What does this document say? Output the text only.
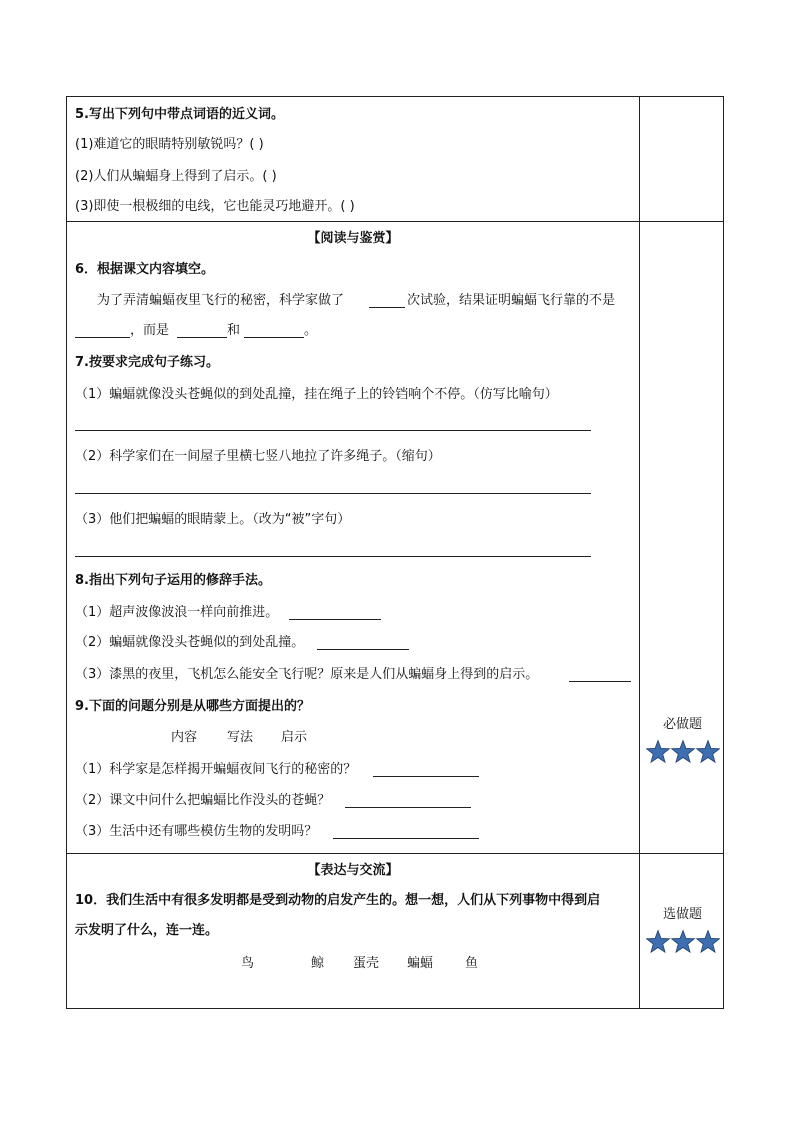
5.写出下列句中带点词语的近义词。
(1)难道它的眼睛特别敏锐吗？( )
(2)人们从蝙蝠身上得到了启示。( )
(3)即使一根极细的电线，它也能灵巧地避开。( )
【阅读与鉴赏】
6．根据课文内容填空。
为了弄清蝙蝠夜里飞行的秘密，科学家做了	次试验，结果证明蝙蝠飞行靠的不是
，而是	和	。
7.按要求完成句子练习。
（1）蝙蝠就像没头苍蝇似的到处乱撞，挂在绳子上的铃铛响个不停。（仿写比喻句）
（2）科学家们在一间屋子里横七竖八地拉了许多绳子。（缩句）
（3）他们把蝙蝠的眼睛蒙上。（改为“被”字句）
8.指出下列句子运用的修辞手法。
（1）超声波像波浪一样向前推进。
（2）蝙蝠就像没头苍蝇似的到处乱撞。
（3）漆黑的夜里，飞机怎么能安全飞行呢？原来是人们从蝙蝠身上得到的启示。
9.下面的问题分别是从哪些方面提出的？
内容 写法 启示
（1）科学家是怎样揭开蝙蝠夜间飞行的秘密的？
（2）课文中问什么把蝙蝠比作没头的苍蝇？
（3）生活中还有哪些模仿生物的发明吗？
必做题
【表达与交流】
10．我们生活中有很多发明都是受到动物的启发产生的。想一想，人们从下列事物中得到启
示发明了什么，连一连。
鸟	鲸 蛋壳 蝙蝠 鱼
选做题
